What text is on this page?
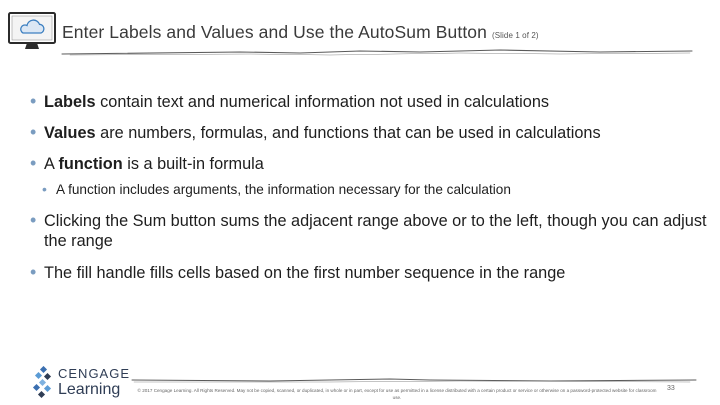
Enter Labels and Values and Use the AutoSum Button (Slide 1 of 2)
• Labels contain text and numerical information not used in calculations
• Values are numbers, formulas, and functions that can be used in calculations
• A function is a built-in formula
• A function includes arguments, the information necessary for the calculation
• Clicking the Sum button sums the adjacent range above or to the left, though you can adjust the range
• The fill handle fills cells based on the first number sequence in the range
CENGAGE
Learning	© 2017 Cengage Learning. All Rights Reserved. May not be copied, scanned, or duplicated, in whole or in part, except for use as permitted in a license distributed with a certain product or service or otherwise on a password-protected website for classroom use.
33
